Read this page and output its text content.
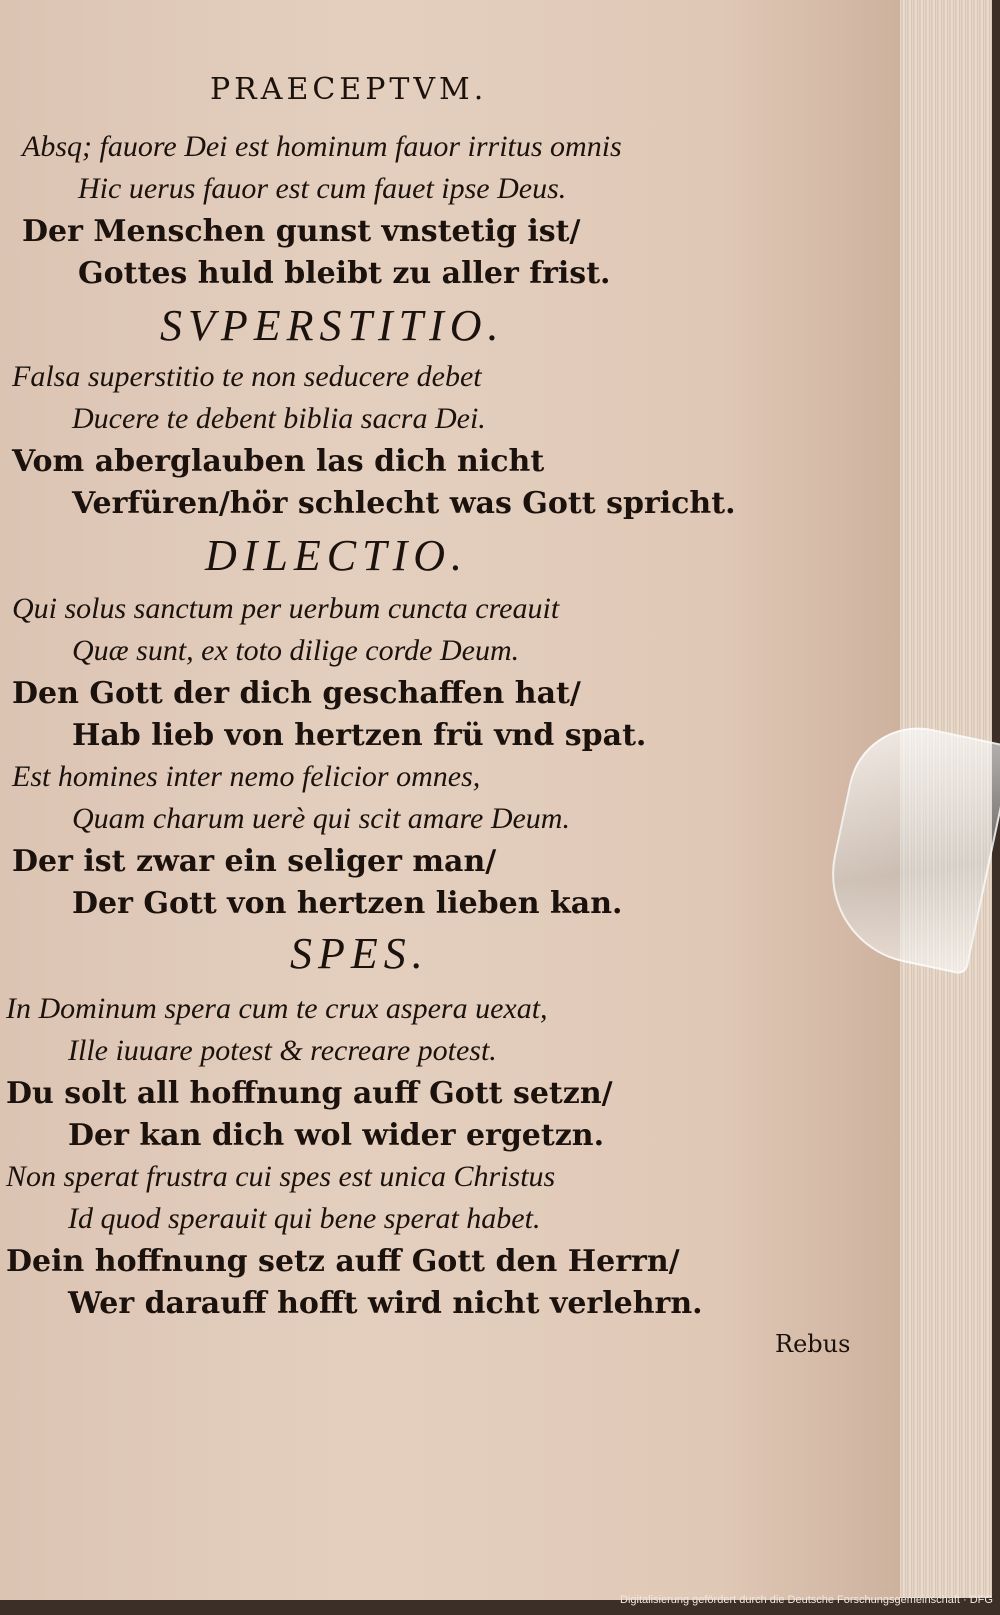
PRAECEPTVM.
Absq; fauore Dei est hominum fauor irritus omnis
Hic uerus fauor est cum fauet ipse Deus.
Der Menschen gunst vnstetig ist/
Gottes huld bleibt zu aller frist.
SVPERSTITIO.
Falsa superstitio te non seducere debet
Ducere te debent biblia sacra Dei.
Vom aberglauben las dich nicht
Verfüren/hör schlecht was Gott spricht.
DILECTIO.
Qui solus sanctum per uerbum cuncta creauit
Quæ sunt, ex toto dilige corde Deum.
Den Gott der dich geschaffen hat/
Hab lieb von hertzen frü vnd spat.
Est homines inter nemo felicior omnes,
Quam charum uerè qui scit amare Deum.
Der ist zwar ein seliger man/
Der Gott von hertzen lieben kan.
SPES.
In Dominum spera cum te crux aspera uexat,
Ille iuuare potest & recreare potest.
Du solt all hoffnung auff Gott setzn/
Der kan dich wol wider ergetzn.
Non sperat frustra cui spes est unica Christus
Id quod sperauit qui bene sperat habet.
Dein hoffnung setz auff Gott den Herrn/
Wer darauff hofft wird nicht verlehrn.
Rebus
Digitalisierung gefördert durch die Deutsche Forschungsgemeinschaft · DFG
